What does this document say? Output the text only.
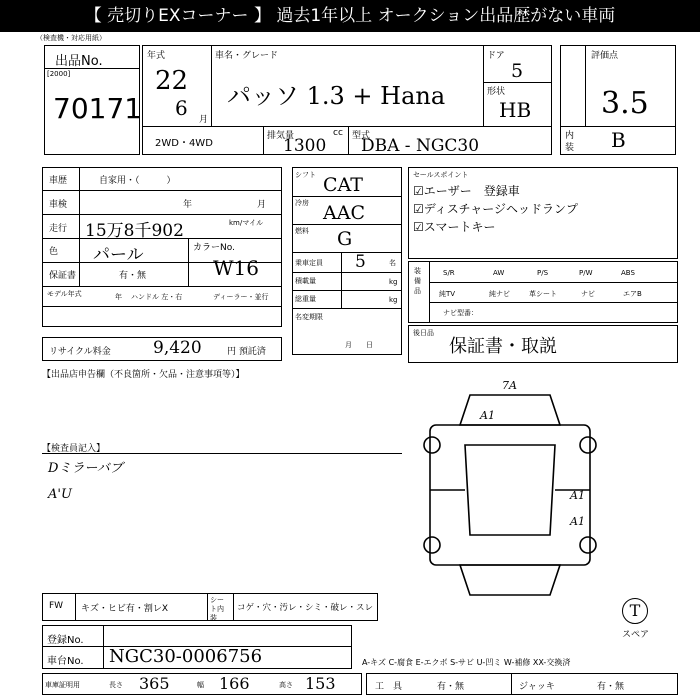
【 売切りEXコーナー 】 過去1年以上 オークション出品歴がない車両
（検査機・対応用紙）
出品No.
[2000]
70171
年式
22
6 月
車名・グレード
パッソ 1.3 + Hana
ドア
5
形状
HB
2WD・4WD
排気量	cc
1300	型式
DBA - NGC30
評価点
3.5
内
装 B
車歴	自家用・（　　　）
車検	年	月
走行 15万8千902	km/マイル
色 パール	カラーNo.
W16
保証書	有・無
モデル年式	年 ハンドル 左・右	ディーラー・並行
リサイクル料金 9,420	円 預託済
シフト CAT
冷房 AAC
燃料 G
乗車定員 5	名
積載量	kg
総重量	kg
名変期限
月　　日
セールスポイント
☑エーザー　登録車
☑ディスチャージヘッドランプ
☑スマートキー
装備品
S/R	AW	P/S	P/W	ABS
純TV	純ナビ	革シート	ナビ	エアB
ナビ型番：
後日品
保証書・取説
【出品店申告欄（不良箇所・欠品・注意事項等）】
【検査員記入】
Dミラーバブ
A'U
7A
A1
A1
A1
T
スペア
FW キズ・ヒビ有・割レX
シート内装
コゲ・穴・汚レ・シミ・破レ・スレ
登録No.
車台No. NGC30-0006756	A-キズ C-腐食 E-エクボ S-サビ U-凹ミ W-補修 XX-交換済
車庫証明用	長さ 365	幅 166	高さ 153	工　具	有・無	ジャッキ	有・無
